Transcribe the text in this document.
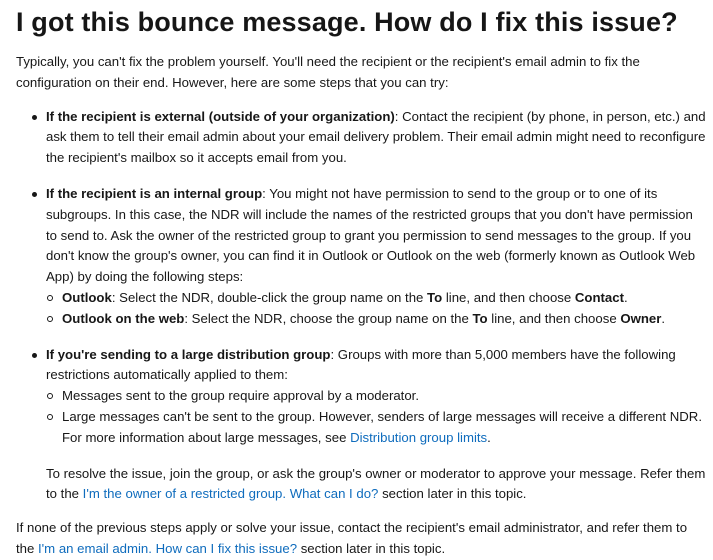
I got this bounce message. How do I fix this issue?

Typically, you can't fix the problem yourself. You'll need the recipient or the recipient's email admin to fix the configuration on their end. However, here are some steps that you can try:

If the recipient is external (outside of your organization): Contact the recipient (by phone, in person, etc.) and ask them to tell their email admin about your email delivery problem. Their email admin might need to reconfigure the recipient's mailbox so it accepts email from you.
If the recipient is an internal group: You might not have permission to send to the group or to one of its subgroups. In this case, the NDR will include the names of the restricted groups that you don't have permission to send to. Ask the owner of the restricted group to grant you permission to send messages to the group. If you don't know the group's owner, you can find it in Outlook or Outlook on the web (formerly known as Outlook Web App) by doing the following steps:
Outlook: Select the NDR, double-click the group name on the To line, and then choose Contact.
Outlook on the web: Select the NDR, choose the group name on the To line, and then choose Owner.
If you're sending to a large distribution group: Groups with more than 5,000 members have the following restrictions automatically applied to them:
Messages sent to the group require approval by a moderator.
Large messages can't be sent to the group. However, senders of large messages will receive a different NDR. For more information about large messages, see Distribution group limits.

To resolve the issue, join the group, or ask the group's owner or moderator to approve your message. Refer them to the I'm the owner of a restricted group. What can I do? section later in this topic.

If none of the previous steps apply or solve your issue, contact the recipient's email administrator, and refer them to the I'm an email admin. How can I fix this issue? section later in this topic.
